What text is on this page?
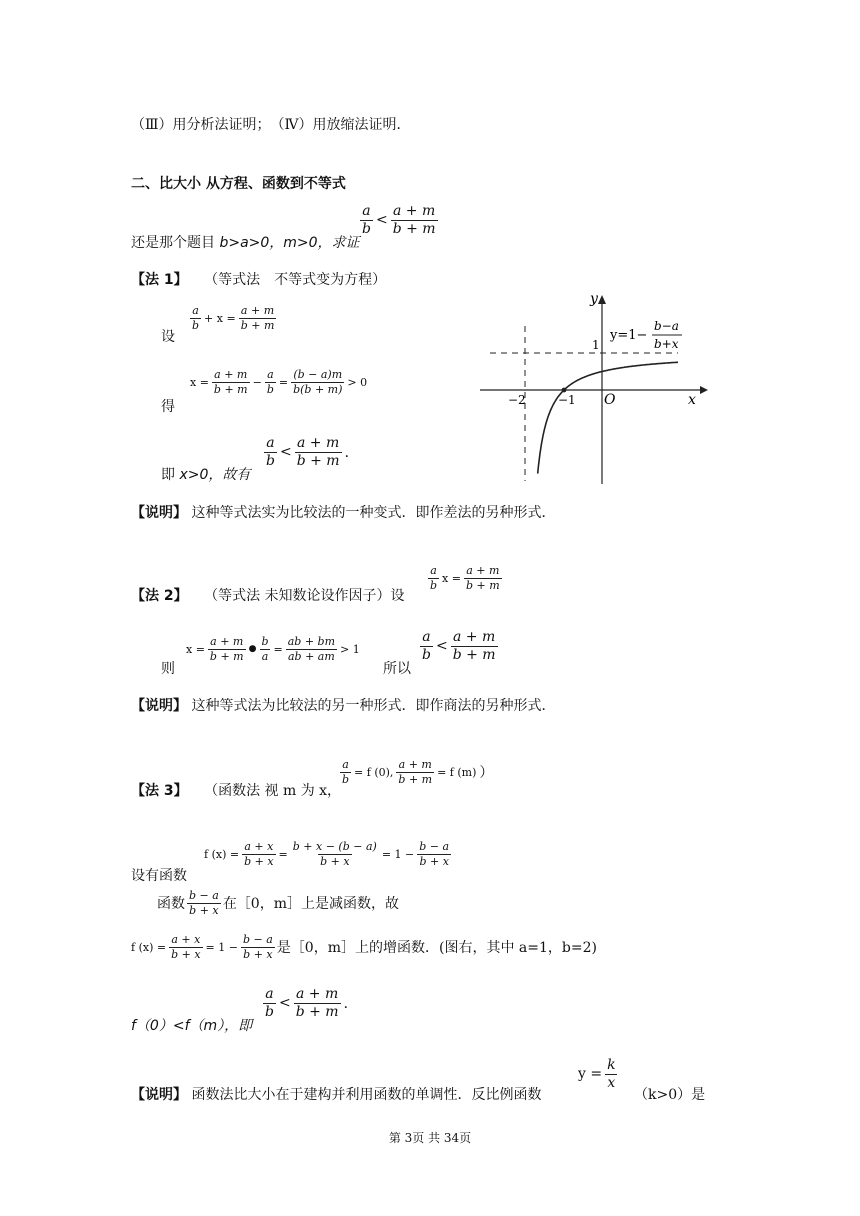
（Ⅲ）用分析法证明；　（Ⅳ）用放缩法证明．
二、比大小 从方程、函数到不等式
还是那个题目 b>a>0，m>0，求证
$\frac{a}{b} < \frac{a + m}{b + m}$
【法 1】 （等式法　不等式变为方程）
设
$\frac{a}{b} + x = \frac{a + m}{b + m}$
得
$x = \frac{a + m}{b + m} - \frac{a}{b} = \frac{(b - a)m}{b(b + m)} > 0$
即 x>0，故有
$\frac{a}{b} < \frac{a + m}{b + m}$ ．
y
x
O
−2	−1
1
y=1−
b−a
b+x
【说明】 这种等式法实为比较法的一种变式．即作差法的另种形式．
【法 2】 （等式法 未知数论设作因子）设
$\frac{a}{b}$ $x = \frac{a + m}{b + m}$
则
$x = \frac{a + m}{b + m}$ ● $\frac{b}{a} = \frac{ab + bm}{ab + am} > 1$
所以
$\frac{a}{b} < \frac{a + m}{b + m}$
【说明】 这种等式法为比较法的另一种形式．即作商法的另种形式．
【法 3】 （函数法 视 m 为 x，
$\frac{a}{b} = f$ (0), $\frac{a + m}{b + m} = f$ (m) ）
设有函数
f $(x) = \frac{a + x}{b + x} = \frac{b + x - (b - a)}{b + x} = 1 - \frac{b - a}{b + x}$
函数 $\frac{b - a}{b + x}$ 在［0，m］上是减函数，故
f $(x) = \frac{a + x}{b + x} = 1 - \frac{b - a}{b + x}$ 是［0，m］上的增函数．(图右，其中 a=1，b=2)
f（0）<f（m），即
$\frac{a}{b} < \frac{a + m}{b + m}$ ．
【说明】 函数法比大小在于建构并利用函数的单调性．反比例函数
$y = \frac{k}{x}$
（k>0）是
第 3页 共 34页
